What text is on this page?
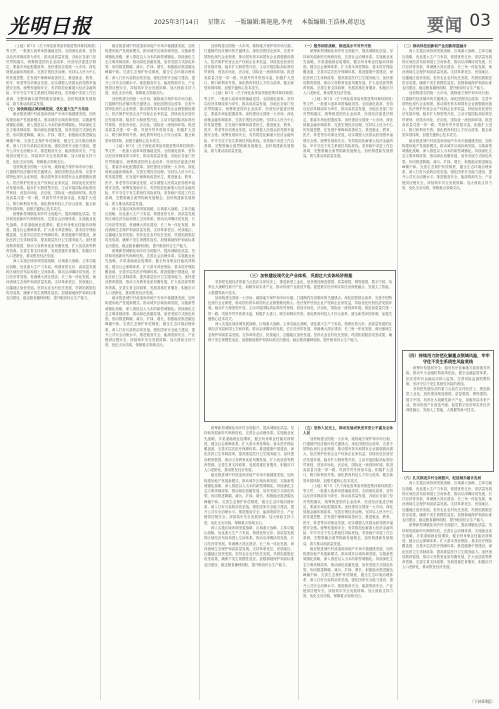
光明日报	2025年3月14日 星期五 一版编辑:陈艳艳,李亮 本版编辑:王浩林,蒋思远	要闻 03

《土地》和7月《关于深化改革加快推进集体林权制度》等文件，一批重大改革举措落地见效。全面深化改革，坚持以经济体制改革为牵引，推动高质量发展，各地区各部门坚决贯彻落实，统筹推进国有企业改革，民营经济促进法制定，要素市场化配置改革。加快建设全国统一大市场，深化财税金融体制改革，完善宏观经济治理。坚持以人民为中心的发展思想，在发展中保障和改善民生，推进就业、教育、医疗、养老等各项事业发展，切实增强人民群众获得感幸福感安全感。统筹发展和安全，有效防范化解重大经济金融风险，牢牢守住不发生系统性风险底线。坚持稳中求进工作总基调，完整准确全面贯彻新发展理念，加快构建新发展格局，着力推动高质量发展。

（七）加快推进区域协调发展，优化重大生产力布局

稳妥推进城中村改造和房地产市场平稳健康发展，加快构建房地产发展新模式。推动城乡区域协调发展，实施新型城镇化战略，深入推进以人为本的新型城镇化。持续深化生态文明体制改革，推动绿色低碳发展，加快发展方式绿色转型。协同推进降碳、减污、扩绿、增长，积极稳妥推进碳达峰碳中和。完善生态保护补偿制度，健全生态环境治理体系，深入打好污染防治攻坚战。强化国家安全能力建设，提升公共安全治理水平。推进粮食安全、能源资源安全、产业链供应链安全，持续筑牢安全发展屏障。加大财政支持力度，优化支出结构，保障重点领域支出。

加快构建全国统一大市场，破除地方保护和市场分割，打通制约经济循环的关键堵点。深化国资国企改革，完善中国特色现代企业制度，推动国有资本和国有企业做强做优做大。依法保护民营企业产权和企业家权益，持续优化民营经济发展环境。稳步扩大制度型开放，主动对接国际高标准经贸规则，营造市场化、法治化、国际化一流营商环境。推进高质量共建一带一路，巩固外贸外资基本盘，积极扩大进口，吸引和利用外资。深化教育科技人才综合改革，健全新型举国体制，加强关键核心技术攻关。

统筹新型城镇化和乡村全面振兴，提高城镇化质量。坚持和发展新时代枫桥经验，完善社会治理体系。实施就业优先战略，多渠道稳就业促增收，健全终身职业技能培训制度。健全社会保障体系，扩大基本养老保险、基本医疗保险覆盖面，完善多层次医疗保障体系。推进健康中国建设，深化医药卫生体制改革，提高基层医疗卫生服务能力。加快建设教育强国，推动义务教育优质均衡发展，扩大优质高等教育资源。完善生育支持政策，发展普惠托育服务，积极应对人口老龄化，推动银发经济发展。

深入实施区域协调发展战略、区域重大战略、主体功能区战略，优化重大生产力布局，构建优势互补、高质量发展的区域经济布局和国土空间体系。推动京津冀协同发展、长江经济带发展、粤港澳大湾区建设、长三角一体化发展、黄河流域生态保护和高质量发展。支持革命老区、民族地区、边疆地区加快发展。坚持农业农村优先发展，巩固拓展脱贫攻坚成果，确保不发生规模性返贫。加强耕地保护和高标准农田建设，稳定粮食播种面积，提升粮食综合生产能力。

稳妥推进城中村改造和房地产市场平稳健康发展，加快构建房地产发展新模式。推动城乡区域协调发展，实施新型城镇化战略，深入推进以人为本的新型城镇化。持续深化生态文明体制改革，推动绿色低碳发展，加快发展方式绿色转型。协同推进降碳、减污、扩绿、增长，积极稳妥推进碳达峰碳中和。完善生态保护补偿制度，健全生态环境治理体系，深入打好污染防治攻坚战。强化国家安全能力建设，提升公共安全治理水平。推进粮食安全、能源资源安全、产业链供应链安全，持续筑牢安全发展屏障。加大财政支持力度，优化支出结构，保障重点领域支出。

加快构建全国统一大市场，破除地方保护和市场分割，打通制约经济循环的关键堵点。深化国资国企改革，完善中国特色现代企业制度，推动国有资本和国有企业做强做优做大。依法保护民营企业产权和企业家权益，持续优化民营经济发展环境。稳步扩大制度型开放，主动对接国际高标准经贸规则，营造市场化、法治化、国际化一流营商环境。推进高质量共建一带一路，巩固外贸外资基本盘，积极扩大进口，吸引和利用外资。深化教育科技人才综合改革，健全新型举国体制，加强关键核心技术攻关。

《土地》和7月《关于深化改革加快推进集体林权制度》等文件，一批重大改革举措落地见效。全面深化改革，坚持以经济体制改革为牵引，推动高质量发展，各地区各部门坚决贯彻落实，统筹推进国有企业改革，民营经济促进法制定，要素市场化配置改革。加快建设全国统一大市场，深化财税金融体制改革，完善宏观经济治理。坚持以人民为中心的发展思想，在发展中保障和改善民生，推进就业、教育、医疗、养老等各项事业发展，切实增强人民群众获得感幸福感安全感。统筹发展和安全，有效防范化解重大经济金融风险，牢牢守住不发生系统性风险底线。坚持稳中求进工作总基调，完整准确全面贯彻新发展理念，加快构建新发展格局，着力推动高质量发展。

深入实施区域协调发展战略、区域重大战略、主体功能区战略，优化重大生产力布局，构建优势互补、高质量发展的区域经济布局和国土空间体系。推动京津冀协同发展、长江经济带发展、粤港澳大湾区建设、长三角一体化发展、黄河流域生态保护和高质量发展。支持革命老区、民族地区、边疆地区加快发展。坚持农业农村优先发展，巩固拓展脱贫攻坚成果，确保不发生规模性返贫。加强耕地保护和高标准农田建设，稳定粮食播种面积，提升粮食综合生产能力。

统筹新型城镇化和乡村全面振兴，提高城镇化质量。坚持和发展新时代枫桥经验，完善社会治理体系。实施就业优先战略，多渠道稳就业促增收，健全终身职业技能培训制度。健全社会保障体系，扩大基本养老保险、基本医疗保险覆盖面，完善多层次医疗保障体系。推进健康中国建设，深化医药卫生体制改革，提高基层医疗卫生服务能力。加快建设教育强国，推动义务教育优质均衡发展，扩大优质高等教育资源。完善生育支持政策，发展普惠托育服务，积极应对人口老龄化，推动银发经济发展。

稳妥推进城中村改造和房地产市场平稳健康发展，加快构建房地产发展新模式。推动城乡区域协调发展，实施新型城镇化战略，深入推进以人为本的新型城镇化。持续深化生态文明体制改革，推动绿色低碳发展，加快发展方式绿色转型。协同推进降碳、减污、扩绿、增长，积极稳妥推进碳达峰碳中和。完善生态保护补偿制度，健全生态环境治理体系，深入打好污染防治攻坚战。强化国家安全能力建设，提升公共安全治理水平。推进粮食安全、能源资源安全、产业链供应链安全，持续筑牢安全发展屏障。加大财政支持力度，优化支出结构，保障重点领域支出。

加快构建全国统一大市场，破除地方保护和市场分割，打通制约经济循环的关键堵点。深化国资国企改革，完善中国特色现代企业制度，推动国有资本和国有企业做强做优做大。依法保护民营企业产权和企业家权益，持续优化民营经济发展环境。稳步扩大制度型开放，主动对接国际高标准经贸规则，营造市场化、法治化、国际化一流营商环境。推进高质量共建一带一路，巩固外贸外资基本盘，积极扩大进口，吸引和利用外资。深化教育科技人才综合改革，健全新型举国体制，加强关键核心技术攻关。

《土地》和7月《关于深化改革加快推进集体林权制度》等文件，一批重大改革举措落地见效。全面深化改革，坚持以经济体制改革为牵引，推动高质量发展，各地区各部门坚决贯彻落实，统筹推进国有企业改革，民营经济促进法制定，要素市场化配置改革。加快建设全国统一大市场，深化财税金融体制改革，完善宏观经济治理。坚持以人民为中心的发展思想，在发展中保障和改善民生，推进就业、教育、医疗、养老等各项事业发展，切实增强人民群众获得感幸福感安全感。统筹发展和安全，有效防范化解重大经济金融风险，牢牢守住不发生系统性风险底线。坚持稳中求进工作总基调，完整准确全面贯彻新发展理念，加快构建新发展格局，着力推动高质量发展。

（三）加快建设现代化产业体系，巩固壮大实体经济根基

坚持把发展经济的着力点放在实体经济上，推进新型工业化，加快建设制造强国、质量强国、网络强国、数字中国。培育壮大战略性新兴产业，前瞻布局未来产业，推动传统产业改造升级。促进数字经济和实体经济深度融合，发展人工智能、大数据等新兴技术。

加快构建全国统一大市场，破除地方保护和市场分割，打通制约经济循环的关键堵点。深化国资国企改革，完善中国特色现代企业制度，推动国有资本和国有企业做强做优做大。依法保护民营企业产权和企业家权益，持续优化民营经济发展环境。稳步扩大制度型开放，主动对接国际高标准经贸规则，营造市场化、法治化、国际化一流营商环境。推进高质量共建一带一路，巩固外贸外资基本盘，积极扩大进口，吸引和利用外资。深化教育科技人才综合改革，健全新型举国体制，加强关键核心技术攻关。

深入实施区域协调发展战略、区域重大战略、主体功能区战略，优化重大生产力布局，构建优势互补、高质量发展的区域经济布局和国土空间体系。推动京津冀协同发展、长江经济带发展、粤港澳大湾区建设、长三角一体化发展、黄河流域生态保护和高质量发展。支持革命老区、民族地区、边疆地区加快发展。坚持农业农村优先发展，巩固拓展脱贫攻坚成果，确保不发生规模性返贫。加强耕地保护和高标准农田建设，稳定粮食播种面积，提升粮食综合生产能力。

统筹新型城镇化和乡村全面振兴，提高城镇化质量。坚持和发展新时代枫桥经验，完善社会治理体系。实施就业优先战略，多渠道稳就业促增收，健全终身职业技能培训制度。健全社会保障体系，扩大基本养老保险、基本医疗保险覆盖面，完善多层次医疗保障体系。推进健康中国建设，深化医药卫生体制改革，提高基层医疗卫生服务能力。加快建设教育强国，推动义务教育优质均衡发展，扩大优质高等教育资源。完善生育支持政策，发展普惠托育服务，积极应对人口老龄化，推动银发经济发展。

稳妥推进城中村改造和房地产市场平稳健康发展，加快构建房地产发展新模式。推动城乡区域协调发展，实施新型城镇化战略，深入推进以人为本的新型城镇化。持续深化生态文明体制改革，推动绿色低碳发展，加快发展方式绿色转型。协同推进降碳、减污、扩绿、增长，积极稳妥推进碳达峰碳中和。完善生态保护补偿制度，健全生态环境治理体系，深入打好污染防治攻坚战。强化国家安全能力建设，提升公共安全治理水平。推进粮食安全、能源资源安全、产业链供应链安全，持续筑牢安全发展屏障。加大财政支持力度，优化支出结构，保障重点领域支出。

深入实施区域协调发展战略、区域重大战略、主体功能区战略，优化重大生产力布局，构建优势互补、高质量发展的区域经济布局和国土空间体系。推动京津冀协同发展、长江经济带发展、粤港澳大湾区建设、长三角一体化发展、黄河流域生态保护和高质量发展。支持革命老区、民族地区、边疆地区加快发展。坚持农业农村优先发展，巩固拓展脱贫攻坚成果，确保不发生规模性返贫。加强耕地保护和高标准农田建设，稳定粮食播种面积，提升粮食综合生产能力。

（一）服务国家战略，推进高水平对外开放

统筹新型城镇化和乡村全面振兴，提高城镇化质量。坚持和发展新时代枫桥经验，完善社会治理体系。实施就业优先战略，多渠道稳就业促增收，健全终身职业技能培训制度。健全社会保障体系，扩大基本养老保险、基本医疗保险覆盖面，完善多层次医疗保障体系。推进健康中国建设，深化医药卫生体制改革，提高基层医疗卫生服务能力。加快建设教育强国，推动义务教育优质均衡发展，扩大优质高等教育资源。完善生育支持政策，发展普惠托育服务，积极应对人口老龄化，推动银发经济发展。

《土地》和7月《关于深化改革加快推进集体林权制度》等文件，一批重大改革举措落地见效。全面深化改革，坚持以经济体制改革为牵引，推动高质量发展，各地区各部门坚决贯彻落实，统筹推进国有企业改革，民营经济促进法制定，要素市场化配置改革。加快建设全国统一大市场，深化财税金融体制改革，完善宏观经济治理。坚持以人民为中心的发展思想，在发展中保障和改善民生，推进就业、教育、医疗、养老等各项事业发展，切实增强人民群众获得感幸福感安全感。统筹发展和安全，有效防范化解重大经济金融风险，牢牢守住不发生系统性风险底线。坚持稳中求进工作总基调，完整准确全面贯彻新发展理念，加快构建新发展格局，着力推动高质量发展。

（五）坚持人民至上，推动发展成果更多更公平惠及全体人民

加快构建全国统一大市场，破除地方保护和市场分割，打通制约经济循环的关键堵点。深化国资国企改革，完善中国特色现代企业制度，推动国有资本和国有企业做强做优做大。依法保护民营企业产权和企业家权益，持续优化民营经济发展环境。稳步扩大制度型开放，主动对接国际高标准经贸规则，营造市场化、法治化、国际化一流营商环境。推进高质量共建一带一路，巩固外贸外资基本盘，积极扩大进口，吸引和利用外资。深化教育科技人才综合改革，健全新型举国体制，加强关键核心技术攻关。

《土地》和7月《关于深化改革加快推进集体林权制度》等文件，一批重大改革举措落地见效。全面深化改革，坚持以经济体制改革为牵引，推动高质量发展，各地区各部门坚决贯彻落实，统筹推进国有企业改革，民营经济促进法制定，要素市场化配置改革。加快建设全国统一大市场，深化财税金融体制改革，完善宏观经济治理。坚持以人民为中心的发展思想，在发展中保障和改善民生，推进就业、教育、医疗、养老等各项事业发展，切实增强人民群众获得感幸福感安全感。统筹发展和安全，有效防范化解重大经济金融风险，牢牢守住不发生系统性风险底线。坚持稳中求进工作总基调，完整准确全面贯彻新发展理念，加快构建新发展格局，着力推动高质量发展。

稳妥推进城中村改造和房地产市场平稳健康发展，加快构建房地产发展新模式。推动城乡区域协调发展，实施新型城镇化战略，深入推进以人为本的新型城镇化。持续深化生态文明体制改革，推动绿色低碳发展，加快发展方式绿色转型。协同推进降碳、减污、扩绿、增长，积极稳妥推进碳达峰碳中和。完善生态保护补偿制度，健全生态环境治理体系，深入打好污染防治攻坚战。强化国家安全能力建设，提升公共安全治理水平。推进粮食安全、能源资源安全、产业链供应链安全，持续筑牢安全发展屏障。加大财政支持力度，优化支出结构，保障重点领域支出。

（二）推动科技创新和产业创新深度融合

深入实施区域协调发展战略、区域重大战略、主体功能区战略，优化重大生产力布局，构建优势互补、高质量发展的区域经济布局和国土空间体系。推动京津冀协同发展、长江经济带发展、粤港澳大湾区建设、长三角一体化发展、黄河流域生态保护和高质量发展。支持革命老区、民族地区、边疆地区加快发展。坚持农业农村优先发展，巩固拓展脱贫攻坚成果，确保不发生规模性返贫。加强耕地保护和高标准农田建设，稳定粮食播种面积，提升粮食综合生产能力。

加快构建全国统一大市场，破除地方保护和市场分割，打通制约经济循环的关键堵点。深化国资国企改革，完善中国特色现代企业制度，推动国有资本和国有企业做强做优做大。依法保护民营企业产权和企业家权益，持续优化民营经济发展环境。稳步扩大制度型开放，主动对接国际高标准经贸规则，营造市场化、法治化、国际化一流营商环境。推进高质量共建一带一路，巩固外贸外资基本盘，积极扩大进口，吸引和利用外资。深化教育科技人才综合改革，健全新型举国体制，加强关键核心技术攻关。

稳妥推进城中村改造和房地产市场平稳健康发展，加快构建房地产发展新模式。推动城乡区域协调发展，实施新型城镇化战略，深入推进以人为本的新型城镇化。持续深化生态文明体制改革，推动绿色低碳发展，加快发展方式绿色转型。协同推进降碳、减污、扩绿、增长，积极稳妥推进碳达峰碳中和。完善生态保护补偿制度，健全生态环境治理体系，深入打好污染防治攻坚战。强化国家安全能力建设，提升公共安全治理水平。推进粮食安全、能源资源安全、产业链供应链安全，持续筑牢安全发展屏障。加大财政支持力度，优化支出结构，保障重点领域支出。

（四）持续用力防范化解重点领域风险，牢牢守住不发生系统性风险底线

统筹好发展和安全，稳妥有序化解地方政府债务风险，推动中小金融机构改革化险。健全金融监管体系，依法将所有金融活动纳入监管。完善风险监测预警机制，坚决守住不发生系统性风险的底线。

坚持把发展经济的着力点放在实体经济上，推进新型工业化，加快建设制造强国、质量强国、网络强国、数字中国。培育壮大战略性新兴产业，前瞻布局未来产业，推动传统产业改造升级。促进数字经济和实体经济深度融合，发展人工智能、大数据等新兴技术。

（六）扎实推进乡村全面振兴，促进城乡融合发展

深入实施区域协调发展战略、区域重大战略、主体功能区战略，优化重大生产力布局，构建优势互补、高质量发展的区域经济布局和国土空间体系。推动京津冀协同发展、长江经济带发展、粤港澳大湾区建设、长三角一体化发展、黄河流域生态保护和高质量发展。支持革命老区、民族地区、边疆地区加快发展。坚持农业农村优先发展，巩固拓展脱贫攻坚成果，确保不发生规模性返贫。加强耕地保护和高标准农田建设，稳定粮食播种面积，提升粮食综合生产能力。

统筹新型城镇化和乡村全面振兴，提高城镇化质量。坚持和发展新时代枫桥经验，完善社会治理体系。实施就业优先战略，多渠道稳就业促增收，健全终身职业技能培训制度。健全社会保障体系，扩大基本养老保险、基本医疗保险覆盖面，完善多层次医疗保障体系。推进健康中国建设，深化医药卫生体制改革，提高基层医疗卫生服务能力。加快建设教育强国，推动义务教育优质均衡发展，扩大优质高等教育资源。完善生育支持政策，发展普惠托育服务，积极应对人口老龄化，推动银发经济发展。

（下转04版）
